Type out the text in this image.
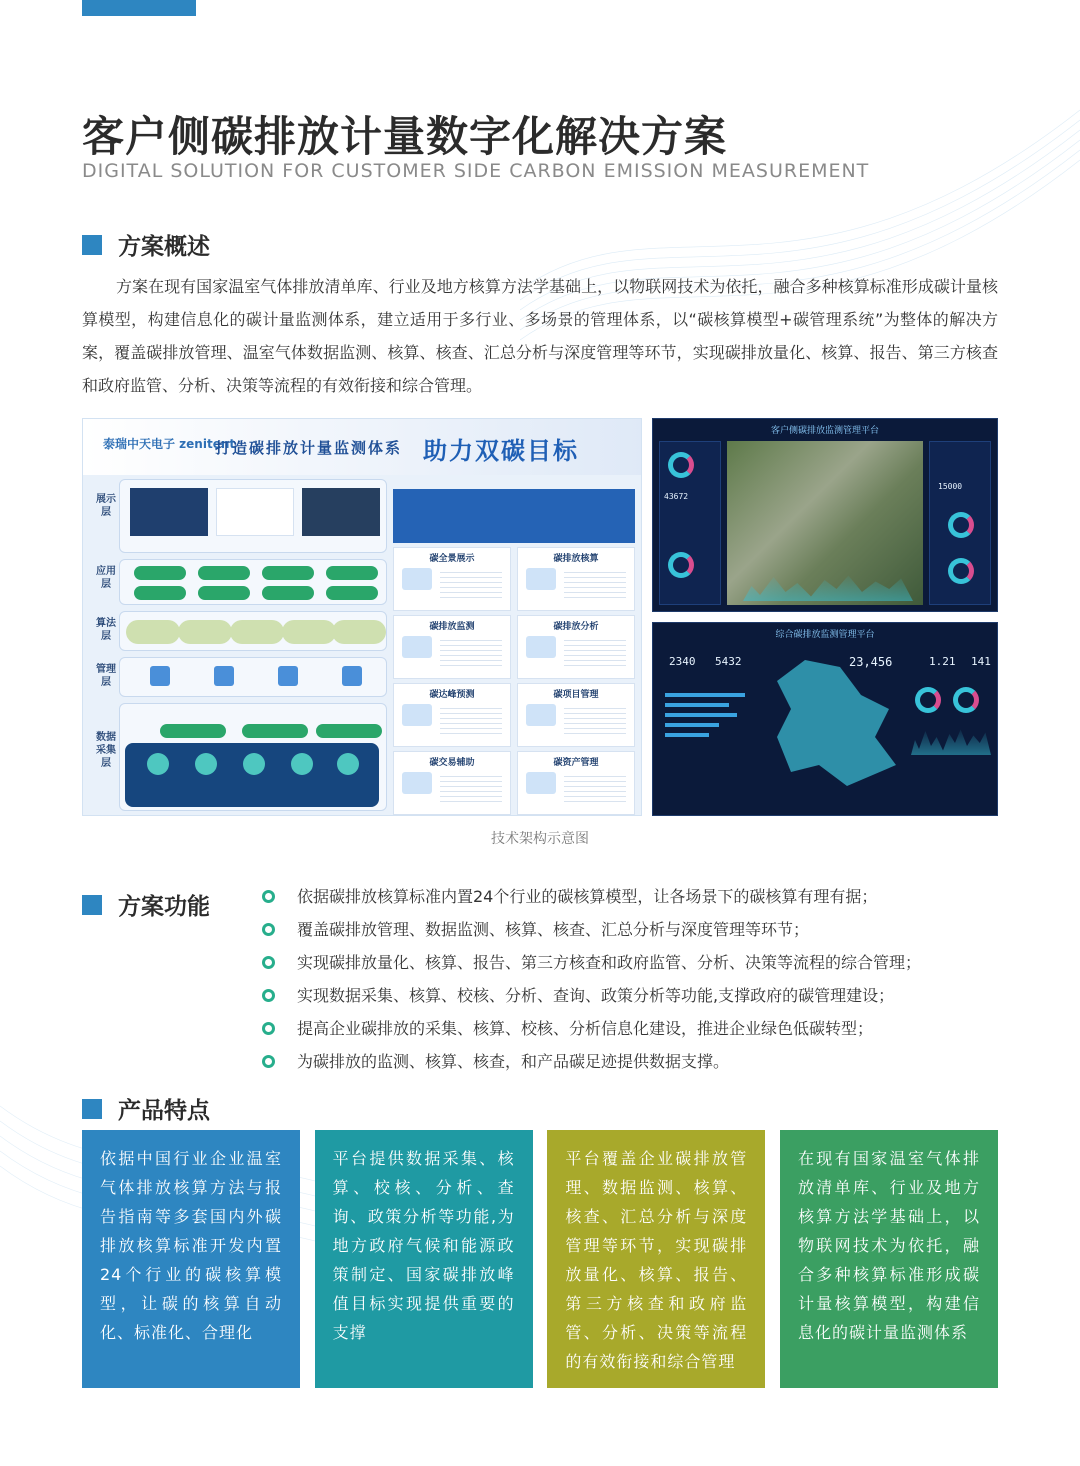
客户侧碳排放计量数字化解决方案
DIGITAL SOLUTION FOR CUSTOMER SIDE CARBON EMISSION MEASUREMENT
方案概述

方案在现有国家温室气体排放清单库、行业及地方核算方法学基础上，以物联网技术为依托，融合多种核算标准形成碳计量核算模型，构建信息化的碳计量监测体系，建立适用于多行业、多场景的管理体系，以“碳核算模型+碳管理系统”为整体的解决方案，覆盖碳排放管理、温室气体数据监测、核算、核查、汇总分析与深度管理等环节，实现碳排放量化、核算、报告、第三方核查和政府监管、分析、决策等流程的有效衔接和综合管理。

泰瑞中天电子 zenitent
打造碳排放计量监测体系 助力双碳目标
展示层
应用层
算法层
管理层
数据采集层
碳全景展示	碳排放核算
碳排放监测	碳排放分析
碳达峰预测	碳项目管理
碳交易辅助	碳资产管理
客户侧碳排放监测管理平台
43672
15000
综合碳排放监测管理平台
2340 5432	23,456	1.21 141
技术架构示意图
方案功能	依据碳排放核算标准内置24个行业的碳核算模型，让各场景下的碳核算有理有据；
覆盖碳排放管理、数据监测、核算、核查、汇总分析与深度管理等环节；
实现碳排放量化、核算、报告、第三方核查和政府监管、分析、决策等流程的综合管理；
实现数据采集、核算、校核、分析、查询、政策分析等功能,支撑政府的碳管理建设；
提高企业碳排放的采集、核算、校核、分析信息化建设，推进企业绿色低碳转型；
为碳排放的监测、核算、核查，和产品碳足迹提供数据支撑。
产品特点
依据中国行业企业温室气体排放核算方法与报告指南等多套国内外碳排放核算标准开发内置24个行业的碳核算模型，让碳的核算自动化、标准化、合理化
平台提供数据采集、核算、校核、分析、查询、政策分析等功能,为地方政府气候和能源政策制定、国家碳排放峰值目标实现提供重要的支撑
平台覆盖企业碳排放管理、数据监测、核算、核查、汇总分析与深度管理等环节，实现碳排放量化、核算、报告、第三方核查和政府监管、分析、决策等流程的有效衔接和综合管理
在现有国家温室气体排放清单库、行业及地方核算方法学基础上，以物联网技术为依托，融合多种核算标准形成碳计量核算模型，构建信息化的碳计量监测体系
